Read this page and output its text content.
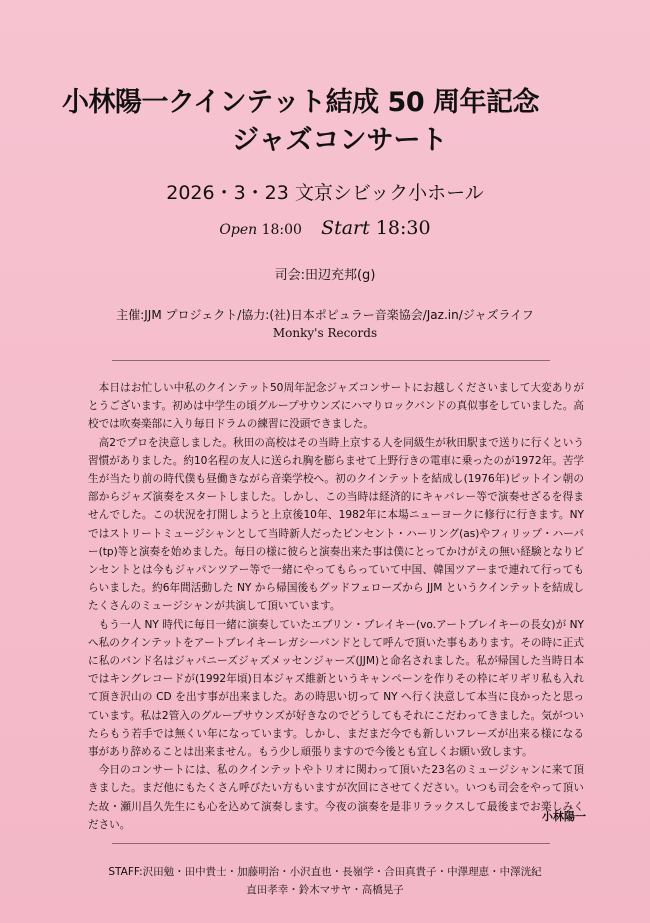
小林陽一クインテット結成 50 周年記念
ジャズコンサート
2026・3・23 文京シビック小ホール
Open 18:00 Start 18:30
司会:田辺充邦(g)
主催:JJM プロジェクト/協力:(社)日本ポピュラー音楽協会/Jaz.in/ジャズライフ
Monky's Records

本日はお忙しい中私のクインテット50周年記念ジャズコンサートにお越しくださいまして大変ありがとうございます。初めは中学生の頃グループサウンズにハマりロックバンドの真似事をしていました。高校では吹奏楽部に入り毎日ドラムの練習に没頭できました。

高2でプロを決意しました。秋田の高校はその当時上京する人を同級生が秋田駅まで送りに行くという習慣がありました。約10名程の友人に送られ胸を膨らませて上野行きの電車に乗ったのが1972年。苦学生が当たり前の時代僕も昼働きながら音楽学校へ。初のクインテットを結成し(1976年)ピットイン朝の部からジャズ演奏をスタートしました。しかし、この当時は経済的にキャバレー等で演奏せざるを得ませんでした。この状況を打開しようと上京後10年、1982年に本場ニューヨークに修行に行きます。NY ではストリートミュージシャンとして当時新人だったビンセント・ハーリング(as)やフィリップ・ハーパー(tp)等と演奏を始めました。毎日の様に彼らと演奏出来た事は僕にとってかけがえの無い経験となりビンセントとは今もジャパンツアー等で一緒にやってもらっていて中国、韓国ツアーまで連れて行ってもらいました。約6年間活動した NY から帰国後もグッドフェローズから JJM というクインテットを結成したくさんのミュージシャンが共演して頂いています。

もう一人 NY 時代に毎日一緒に演奏していたエブリン・ブレイキー(vo.アートブレイキーの長女)が NY へ私のクインテットをアートブレイキーレガシーバンドとして呼んで頂いた事もあります。その時に正式に私のバンド名はジャパニーズジャズメッセンジャーズ(JJM)と命名されました。私が帰国した当時日本ではキングレコードが(1992年頃)日本ジャズ維新というキャンペーンを作りその枠にギリギリ私も入れて頂き沢山の CD を出す事が出来ました。あの時思い切って NY へ行く決意して本当に良かったと思っています。私は2管入のグループサウンズが好きなのでどうしてもそれにこだわってきました。気がついたらもう若手では無くい年になっています。しかし、まだまだ今でも新しいフレーズが出来る様になる事があり辞めることは出来ません。もう少し頑張りますので今後とも宜しくお願い致します。

今日のコンサートには、私のクインテットやトリオに関わって頂いた23名のミュージシャンに来て頂きました。まだ他にもたくさん呼びたい方もいますが次回にさせてください。いつも司会をやって頂いた故・瀬川昌久先生にも心を込めて演奏します。今夜の演奏を是非リラックスして最後までお楽しみください。

小林陽一
STAFF:沢田勉・田中貴士・加藤明治・小沢直也・長嶺学・合田真貴子・中澤理恵・中澤洸紀
直田孝幸・鈴木マサヤ・高橋晃子
